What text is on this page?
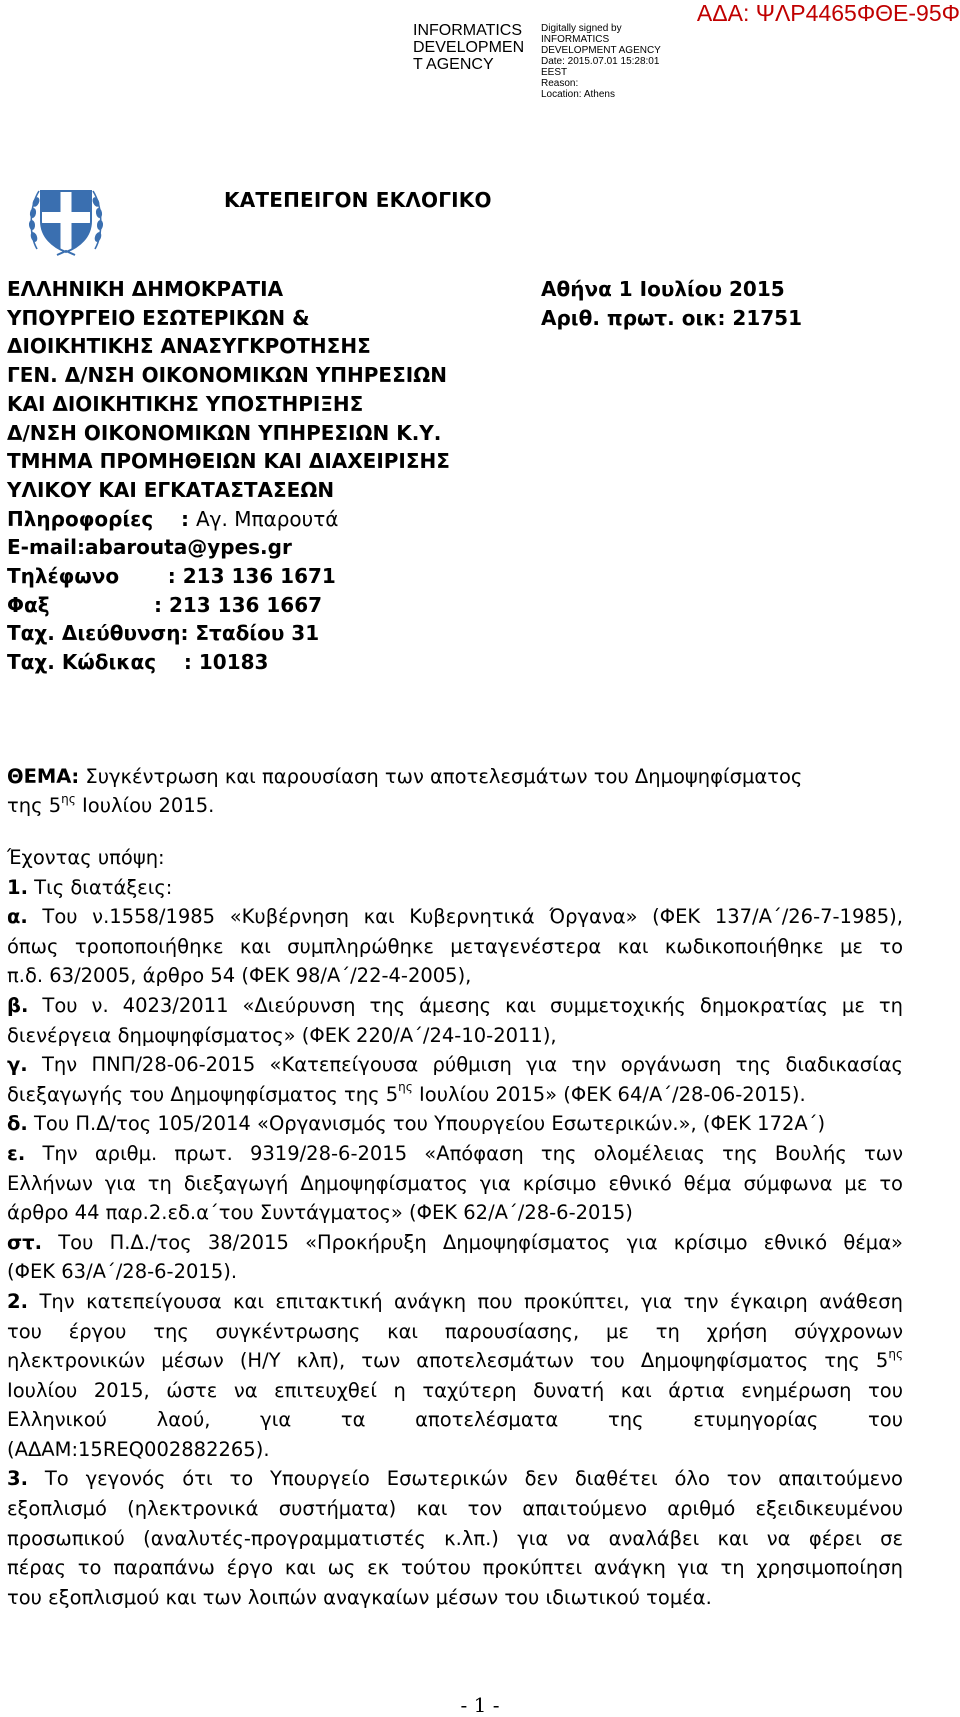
INFORMATICS
DEVELOPMEN
T AGENCY
Digitally signed by
INFORMATICS
DEVELOPMENT AGENCY
Date: 2015.07.01 15:28:01
EEST
Reason:
Location: Athens
ΑΔΑ: ΨΛΡ4465ΦΘΕ-95Φ
ΚΑΤΕΠΕΙΓΟΝ ΕΚΛΟΓΙΚΟ
ΕΛΛΗΝΙΚΗ ΔΗΜΟΚΡΑΤΙΑ
ΥΠΟΥΡΓΕΙΟ ΕΣΩΤΕΡΙΚΩΝ &
ΔΙΟΙΚΗΤΙΚΗΣ ΑΝΑΣΥΓΚΡΟΤΗΣΗΣ
ΓΕΝ. Δ/ΝΣΗ ΟΙΚΟΝΟΜΙΚΩΝ ΥΠΗΡΕΣΙΩΝ
ΚΑΙ ΔΙΟΙΚΗΤΙΚΗΣ ΥΠΟΣΤΗΡΙΞΗΣ
Δ/ΝΣΗ ΟΙΚΟΝΟΜΙΚΩΝ ΥΠΗΡΕΣΙΩΝ Κ.Υ.
ΤΜΗΜΑ ΠΡΟΜΗΘΕΙΩΝ ΚΑΙ ΔΙΑΧΕΙΡΙΣΗΣ
ΥΛΙΚΟΥ ΚΑΙ ΕΓΚΑΤΑΣΤΑΣΕΩΝ
Πληροφορίες    : Αγ. Μπαρουτά
E-mail:abarouta@ypes.gr
Τηλέφωνο       : 213 136 1671
Φαξ               : 213 136 1667
Ταχ. Διεύθυνση: Σταδίου 31
Ταχ. Κώδικας    : 10183
Αθήνα 1 Ιουλίου 2015
Αριθ. πρωτ. οικ: 21751
ΘΕΜΑ: Συγκέντρωση και παρουσίαση των αποτελεσμάτων του Δημοψηφίσματος
της $5^{\eta\varsigma}$ Ιουλίου 2015.
Έχοντας υπόψη:
1. Τις διατάξεις:
α. Του ν.1558/1985 «Κυβέρνηση και Κυβερνητικά Όργανα» (ΦΕΚ 137/Α΄/26-7-1985),
όπως τροποποιήθηκε και συμπληρώθηκε μεταγενέστερα και κωδικοποιήθηκε με το
π.δ. 63/2005, άρθρο 54 (ΦΕΚ 98/Α΄/22-4-2005),
β. Του ν. 4023/2011 «Διεύρυνση της άμεσης και συμμετοχικής δημοκρατίας με τη
διενέργεια δημοψηφίσματος» (ΦΕΚ 220/Α΄/24-10-2011),
γ. Την ΠΝΠ/28-06-2015 «Κατεπείγουσα ρύθμιση για την οργάνωση της διαδικασίας
διεξαγωγής του Δημοψηφίσματος της $5^{\eta\varsigma}$ Ιουλίου 2015» (ΦΕΚ 64/Α΄/28-06-2015).
δ. Του Π.Δ/τος 105/2014 «Οργανισμός του Υπουργείου Εσωτερικών.», (ΦΕΚ 172Α΄)
ε. Την αριθμ. πρωτ. 9319/28-6-2015 «Απόφαση της ολομέλειας της Βουλής των
Ελλήνων για τη διεξαγωγή Δημοψηφίσματος για κρίσιμο εθνικό θέμα σύμφωνα με το
άρθρο 44 παρ.2.εδ.α΄του Συντάγματος» (ΦΕΚ 62/Α΄/28-6-2015)
στ. Του Π.Δ./τος 38/2015 «Προκήρυξη Δημοψηφίσματος για κρίσιμο εθνικό θέμα»
(ΦΕΚ 63/Α΄/28-6-2015).
2. Την κατεπείγουσα και επιτακτική ανάγκη που προκύπτει, για την έγκαιρη ανάθεση
του έργου της συγκέντρωσης και παρουσίασης, με τη χρήση σύγχρονων
ηλεκτρονικών μέσων (Η/Υ κλπ), των αποτελεσμάτων του Δημοψηφίσματος της $5^{\eta\varsigma}$
Ιουλίου 2015, ώστε να επιτευχθεί η ταχύτερη δυνατή και άρτια ενημέρωση του
Ελληνικού λαού, για τα αποτελέσματα της ετυμηγορίας του
(ΑΔΑΜ:15REQ002882265).
3. Το γεγονός ότι το Υπουργείο Εσωτερικών δεν διαθέτει όλο τον απαιτούμενο
εξοπλισμό (ηλεκτρονικά συστήματα) και τον απαιτούμενο αριθμό εξειδικευμένου
προσωπικού (αναλυτές-προγραμματιστές κ.λπ.) για να αναλάβει και να φέρει σε
πέρας το παραπάνω έργο και ως εκ τούτου προκύπτει ανάγκη για τη χρησιμοποίηση
του εξοπλισμού και των λοιπών αναγκαίων μέσων του ιδιωτικού τομέα.
- 1 -
